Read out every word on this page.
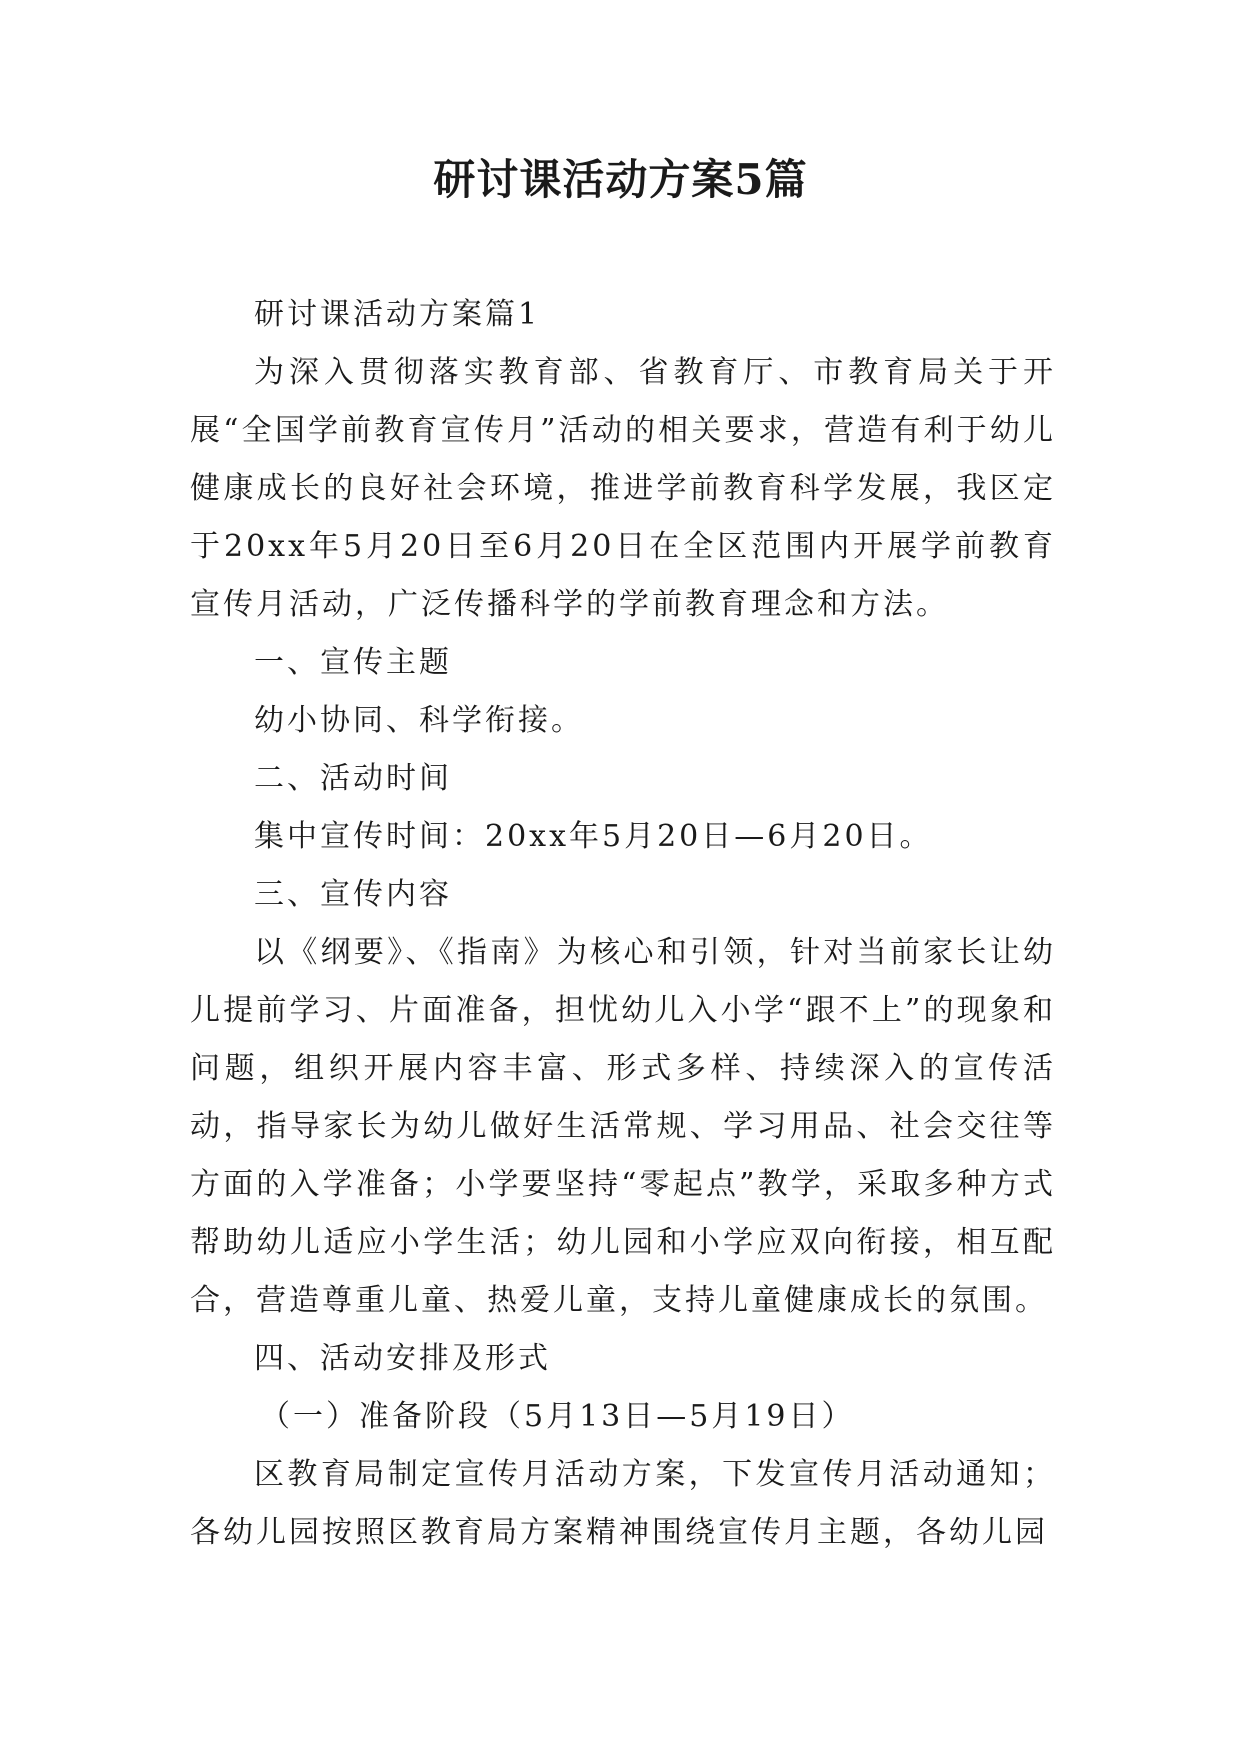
研讨课活动方案5篇

研讨课活动方案篇1

为深入贯彻落实教育部、省教育厅、市教育局关于开展“全国学前教育宣传月”活动的相关要求，营造有利于幼儿健康成长的良好社会环境，推进学前教育科学发展，我区定于20xx年5月20日至6月20日在全区范围内开展学前教育宣传月活动，广泛传播科学的学前教育理念和方法。

一、宣传主题

幼小协同、科学衔接。

二、活动时间

集中宣传时间：20xx年5月20日—6月20日。

三、宣传内容

以《纲要》、《指南》为核心和引领，针对当前家长让幼儿提前学习、片面准备，担忧幼儿入小学“跟不上”的现象和问题，组织开展内容丰富、形式多样、持续深入的宣传活动，指导家长为幼儿做好生活常规、学习用品、社会交往等方面的入学准备；小学要坚持“零起点”教学，采取多种方式帮助幼儿适应小学生活；幼儿园和小学应双向衔接，相互配合，营造尊重儿童、热爱儿童，支持儿童健康成长的氛围。

四、活动安排及形式

（一）准备阶段（5月13日—5月19日）

区教育局制定宣传月活动方案，下发宣传月活动通知；各幼儿园按照区教育局方案精神围绕宣传月主题，各幼儿园
